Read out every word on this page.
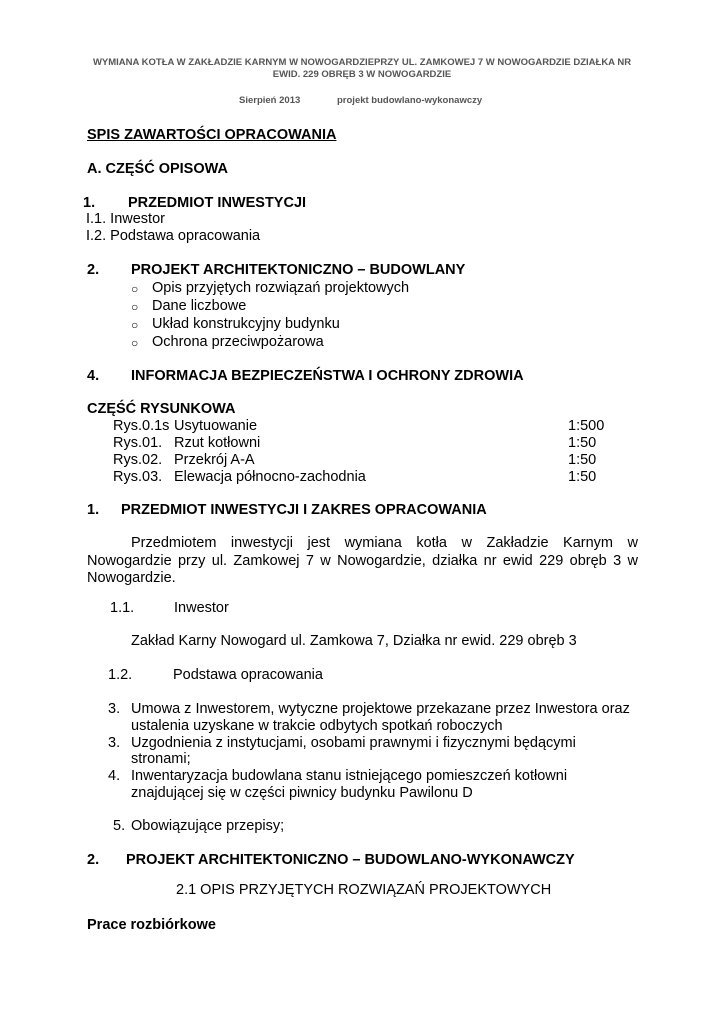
WYMIANA KOTŁA W ZAKŁADZIE KARNYM W NOWOGARDZIEPRZY UL. ZAMKOWEJ 7 W NOWOGARDZIE DZIAŁKA NR
EWID. 229 OBRĘB 3 W NOWOGARDZIE
Sierpień 2013	projekt budowlano-wykonawczy
SPIS ZAWARTOŚCI OPRACOWANIA
A. CZĘŚĆ OPISOWA
1. PRZEDMIOT INWESTYCJI
I.1. Inwestor
I.2. Podstawa opracowania
2. PROJEKT ARCHITEKTONICZNO – BUDOWLANY
○ Opis przyjętych rozwiązań projektowych
○ Dane liczbowe
○ Układ konstrukcyjny budynku
○ Ochrona przeciwpożarowa
4. INFORMACJA BEZPIECZEŃSTWA I OCHRONY ZDROWIA
CZĘŚĆ RYSUNKOWA
Rys.0.1s Usytuowanie	1:500
Rys.01. Rzut kotłowni	1:50
Rys.02. Przekrój A-A	1:50
Rys.03. Elewacja północno-zachodnia	1:50
1. PRZEDMIOT INWESTYCJI I ZAKRES OPRACOWANIA
Przedmiotem inwestycji jest wymiana kotła w Zakładzie Karnym w
Nowogardzie przy ul. Zamkowej 7 w Nowogardzie, działka nr ewid 229 obręb 3 w
Nowogardzie.
1.1.	Inwestor
Zakład Karny Nowogard ul. Zamkowa 7, Działka nr ewid. 229 obręb 3
1.2.	Podstawa opracowania
3. Umowa z Inwestorem, wytyczne projektowe przekazane przez Inwestora oraz
ustalenia uzyskane w trakcie odbytych spotkań roboczych
3. Uzgodnienia z instytucjami, osobami prawnymi i fizycznymi będącymi
stronami;
4. Inwentaryzacja budowlana stanu istniejącego pomieszczeń kotłowni
znajdującej się w części piwnicy budynku Pawilonu D
5. Obowiązujące przepisy;
2. PROJEKT ARCHITEKTONICZNO – BUDOWLANO-WYKONAWCZY
2.1 OPIS PRZYJĘTYCH ROZWIĄZAŃ PROJEKTOWYCH
Prace rozbiórkowe
